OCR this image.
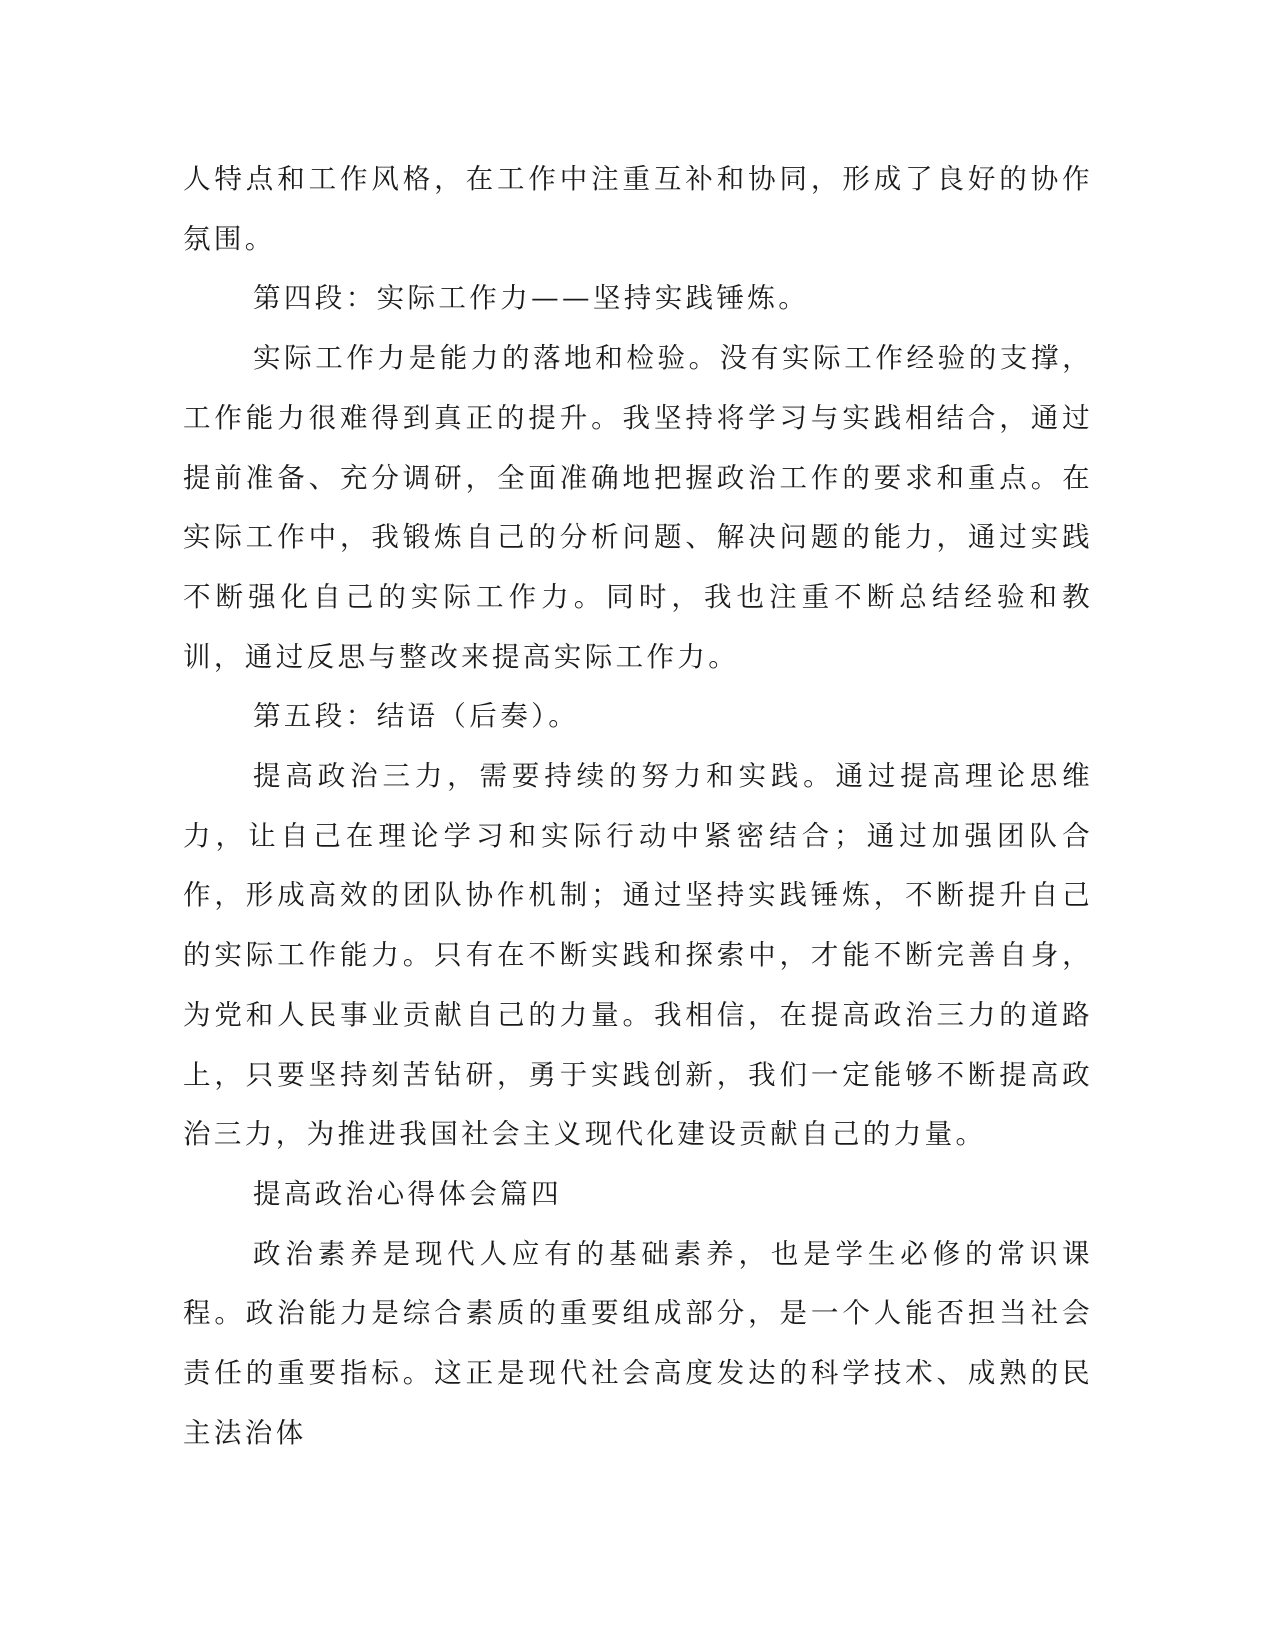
人特点和工作风格，在工作中注重互补和协同，形成了良好的协作氛围。

第四段：实际工作力——坚持实践锤炼。

实际工作力是能力的落地和检验。没有实际工作经验的支撑，工作能力很难得到真正的提升。我坚持将学习与实践相结合，通过提前准备、充分调研，全面准确地把握政治工作的要求和重点。在实际工作中，我锻炼自己的分析问题、解决问题的能力，通过实践不断强化自己的实际工作力。同时，我也注重不断总结经验和教训，通过反思与整改来提高实际工作力。

第五段：结语（后奏）。

提高政治三力，需要持续的努力和实践。通过提高理论思维力，让自己在理论学习和实际行动中紧密结合；通过加强团队合作，形成高效的团队协作机制；通过坚持实践锤炼，不断提升自己的实际工作能力。只有在不断实践和探索中，才能不断完善自身，为党和人民事业贡献自己的力量。我相信，在提高政治三力的道路上，只要坚持刻苦钻研，勇于实践创新，我们一定能够不断提高政治三力，为推进我国社会主义现代化建设贡献自己的力量。

提高政治心得体会篇四

政治素养是现代人应有的基础素养，也是学生必修的常识课程。政治能力是综合素质的重要组成部分，是一个人能否担当社会责任的重要指标。这正是现代社会高度发达的科学技术、成熟的民主法治体
